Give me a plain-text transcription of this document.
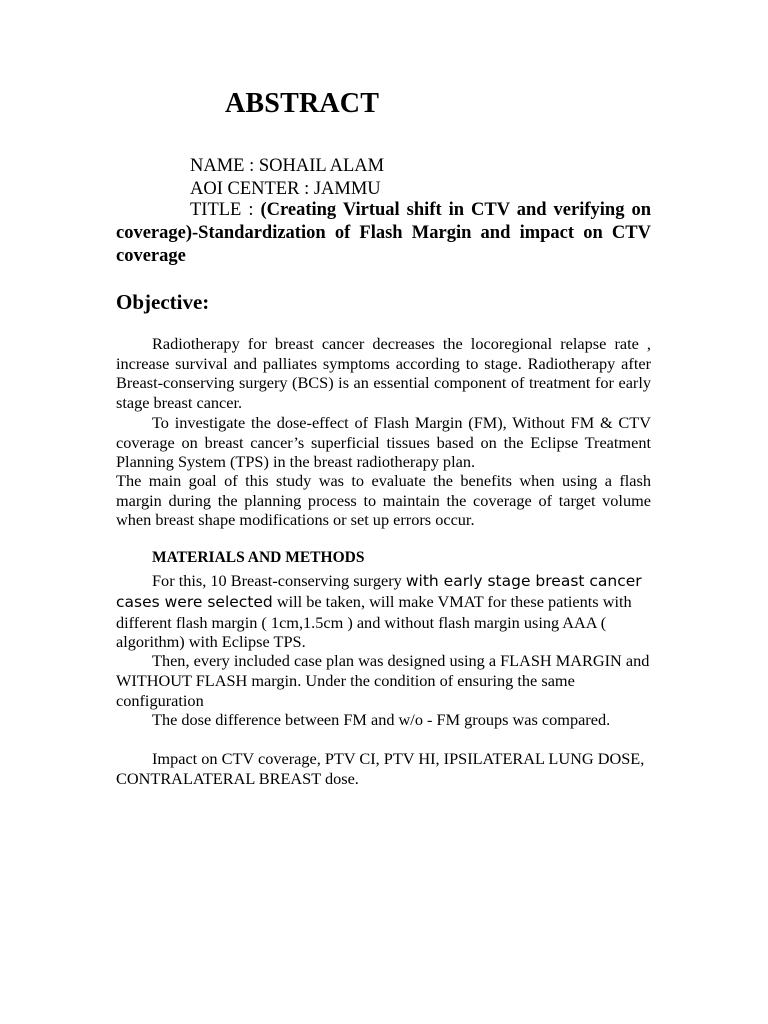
ABSTRACT

NAME : SOHAIL ALAM

AOI CENTER : JAMMU

TITLE : (Creating Virtual shift in CTV and verifying on coverage)-Standardization of Flash Margin and impact on CTV coverage

Objective:

Radiotherapy for breast cancer decreases the locoregional relapse rate , increase survival and palliates symptoms according to stage. Radiotherapy after Breast-conserving surgery (BCS) is an essential component of treatment for early stage breast cancer.

To investigate the dose-effect of Flash Margin (FM), Without FM & CTV coverage on breast cancer’s superficial tissues based on the Eclipse Treatment Planning System (TPS) in the breast radiotherapy plan.

The main goal of this study was to evaluate the benefits when using a flash margin during the planning process to maintain the coverage of target volume when breast shape modifications or set up errors occur.

MATERIALS AND METHODS

For this, 10 Breast-conserving surgery with early stage breast cancer cases were selected will be taken, will make VMAT for these patients with different flash margin ( 1cm,1.5cm ) and without flash margin using AAA ( algorithm) with Eclipse TPS.

Then, every included case plan was designed using a FLASH MARGIN and WITHOUT FLASH margin. Under the condition of ensuring the same configuration

The dose difference between FM and w/o - FM groups was compared.

Impact on CTV coverage, PTV CI, PTV HI, IPSILATERAL LUNG DOSE, CONTRALATERAL BREAST dose.
